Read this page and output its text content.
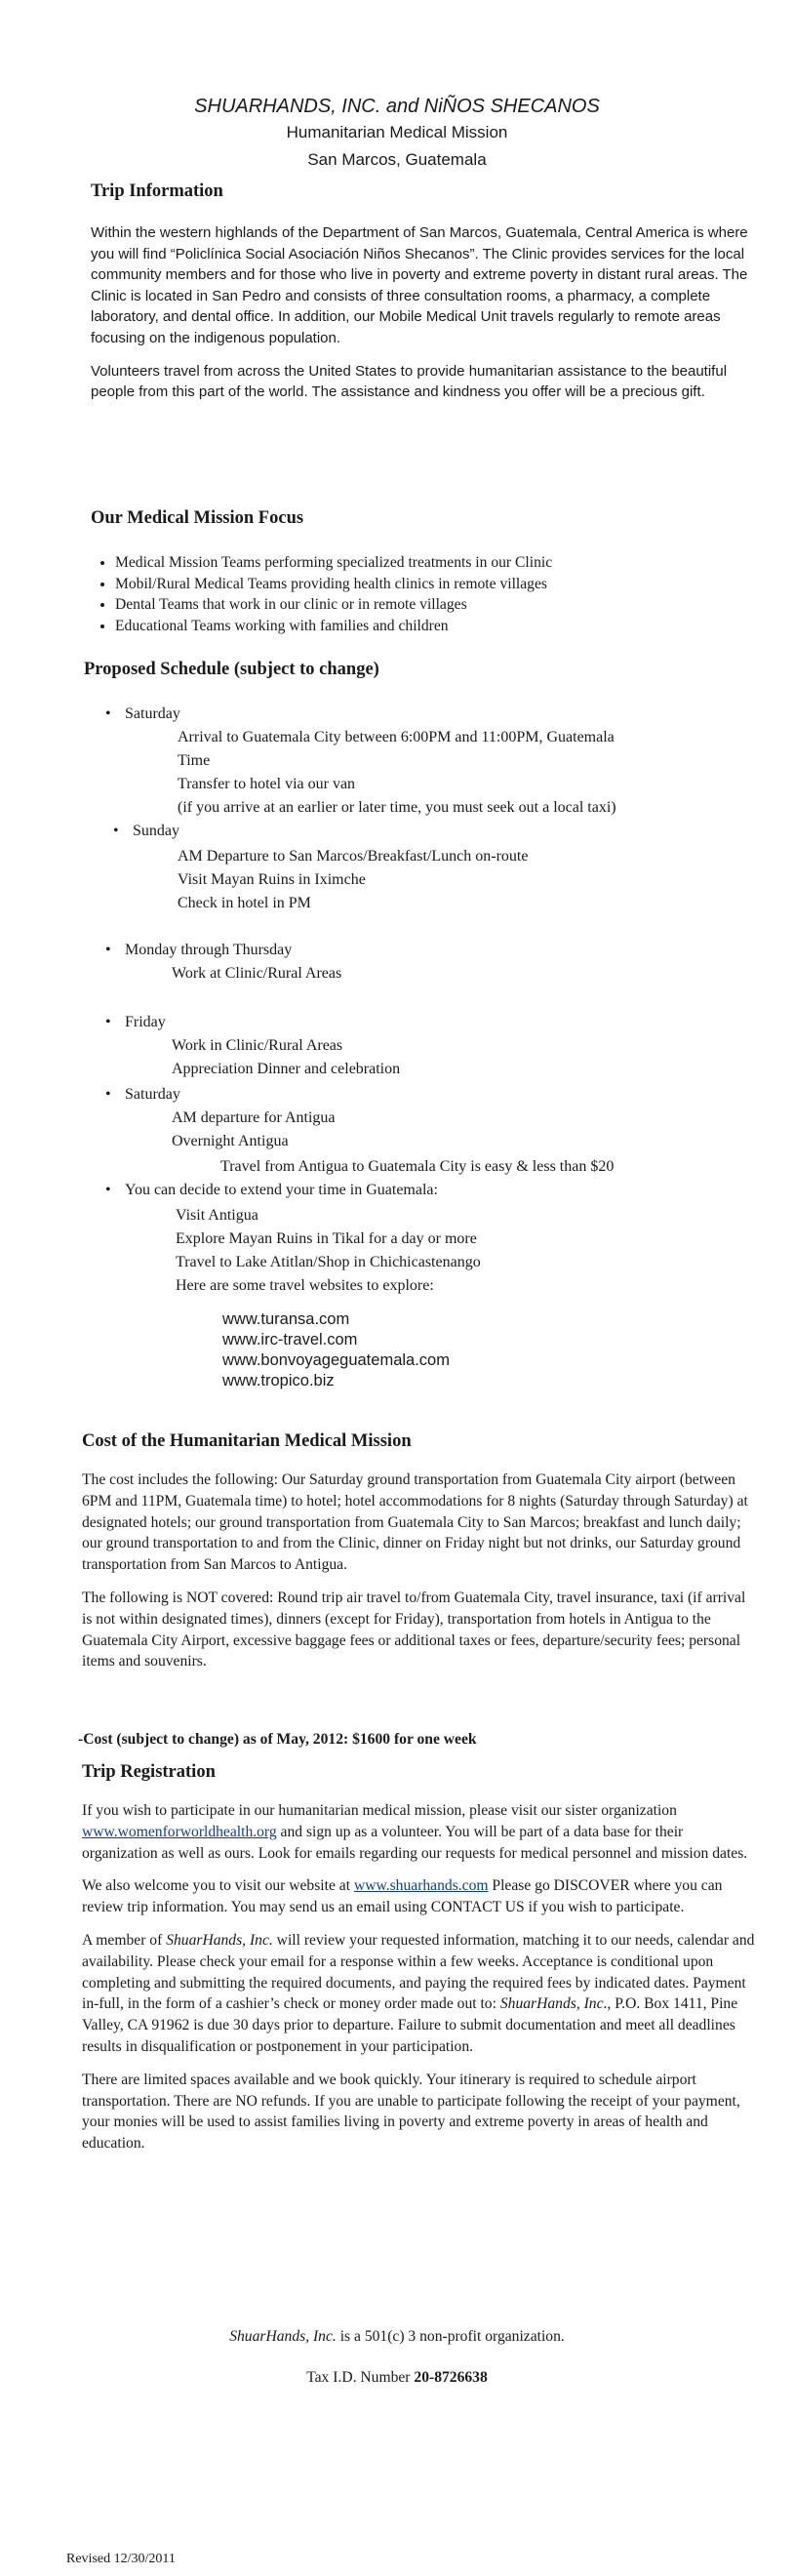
SHUARHANDS, INC. and NiÑOS SHECANOS
Humanitarian Medical Mission
San Marcos, Guatemala
Trip Information

Within the western highlands of the Department of San Marcos, Guatemala, Central America is where you will find “Policlínica Social Asociación Niños Shecanos”. The Clinic provides services for the local community members and for those who live in poverty and extreme poverty in distant rural areas. The Clinic is located in San Pedro and consists of three consultation rooms, a pharmacy, a complete laboratory, and dental office. In addition, our Mobile Medical Unit travels regularly to remote areas focusing on the indigenous population.

Volunteers travel from across the United States to provide humanitarian assistance to the beautiful people from this part of the world. The assistance and kindness you offer will be a precious gift.

Our Medical Mission Focus
• Medical Mission Teams performing specialized treatments in our Clinic
• Mobil/Rural Medical Teams providing health clinics in remote villages
• Dental Teams that work in our clinic or in remote villages
• Educational Teams working with families and children
Proposed Schedule (subject to change)
• Saturday
Arrival to Guatemala City between 6:00PM and 11:00PM, Guatemala
Time
Transfer to hotel via our van
(if you arrive at an earlier or later time, you must seek out a local taxi)
• Sunday
AM Departure to San Marcos/Breakfast/Lunch on-route
Visit Mayan Ruins in Iximche
Check in hotel in PM
• Monday through Thursday
Work at Clinic/Rural Areas
• Friday
Work in Clinic/Rural Areas
Appreciation Dinner and celebration
• Saturday
AM departure for Antigua
Overnight Antigua
Travel from Antigua to Guatemala City is easy & less than $20
• You can decide to extend your time in Guatemala:
Visit Antigua
Explore Mayan Ruins in Tikal for a day or more
Travel to Lake Atitlan/Shop in Chichicastenango
Here are some travel websites to explore:
www.turansa.com
www.irc-travel.com
www.bonvoyageguatemala.com
www.tropico.biz
Cost of the Humanitarian Medical Mission

The cost includes the following: Our Saturday ground transportation from Guatemala City airport (between 6PM and 11PM, Guatemala time) to hotel; hotel accommodations for 8 nights (Saturday through Saturday) at designated hotels; our ground transportation from Guatemala City to San Marcos; breakfast and lunch daily; our ground transportation to and from the Clinic, dinner on Friday night but not drinks, our Saturday ground transportation from San Marcos to Antigua.

The following is NOT covered: Round trip air travel to/from Guatemala City, travel insurance, taxi (if arrival is not within designated times), dinners (except for Friday), transportation from hotels in Antigua to the Guatemala City Airport, excessive baggage fees or additional taxes or fees, departure/security fees; personal items and souvenirs.

-Cost (subject to change) as of May, 2012: $1600 for one week
Trip Registration

If you wish to participate in our humanitarian medical mission, please visit our sister organization www.womenforworldhealth.org and sign up as a volunteer. You will be part of a data base for their organization as well as ours. Look for emails regarding our requests for medical personnel and mission dates.

We also welcome you to visit our website at www.shuarhands.com Please go DISCOVER where you can review trip information. You may send us an email using CONTACT US if you wish to participate.

A member of ShuarHands, Inc. will review your requested information, matching it to our needs, calendar and availability. Please check your email for a response within a few weeks. Acceptance is conditional upon completing and submitting the required documents, and paying the required fees by indicated dates. Payment in-full, in the form of a cashier’s check or money order made out to: ShuarHands, Inc., P.O. Box 1411, Pine Valley, CA 91962 is due 30 days prior to departure. Failure to submit documentation and meet all deadlines results in disqualification or postponement in your participation.

There are limited spaces available and we book quickly. Your itinerary is required to schedule airport transportation. There are NO refunds. If you are unable to participate following the receipt of your payment, your monies will be used to assist families living in poverty and extreme poverty in areas of health and education.

ShuarHands, Inc. is a 501(c) 3 non-profit organization.
Tax I.D. Number 20-8726638
Revised 12/30/2011
